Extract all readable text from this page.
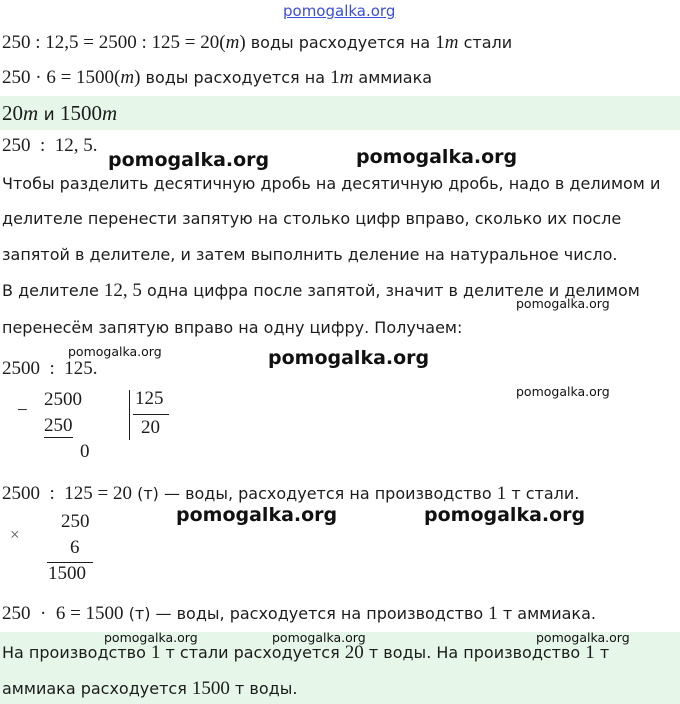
pomogalka.org
250 : 12,5 = 2500 : 125 = 20(m) воды расходуется на 1m стали
250 · 6 = 1500(m) воды расходуется на 1m аммиака
20m и 1500m
250  :  12, 5.
pomogalka.org	pomogalka.org
Чтобы разделить десятичную дробь на десятичную дробь, надо в делимом и
делителе перенести запятую на столько цифр вправо, сколько их после
запятой в делителе, и затем выполнить деление на натуральное число.
В делителе 12, 5 одна цифра после запятой, значит в делителе и делимом
pomogalka.org
перенесём запятую вправо на одну цифру. Получаем:
pomogalka.org	pomogalka.org
2500  :  125.
pomogalka.org
−
2500
250
0
125
20
2500  :  125 = 20 (т) — воды, расходуется на производство 1 т стали.
pomogalka.org	pomogalka.org
×
250
6
1500
250  ·  6 = 1500 (т) — воды, расходуется на производство 1 т аммиака.
pomogalka.org	pomogalka.org	pomogalka.org
На производство 1 т стали расходуется 20 т воды. На производство 1 т
аммиака расходуется 1500 т воды.
